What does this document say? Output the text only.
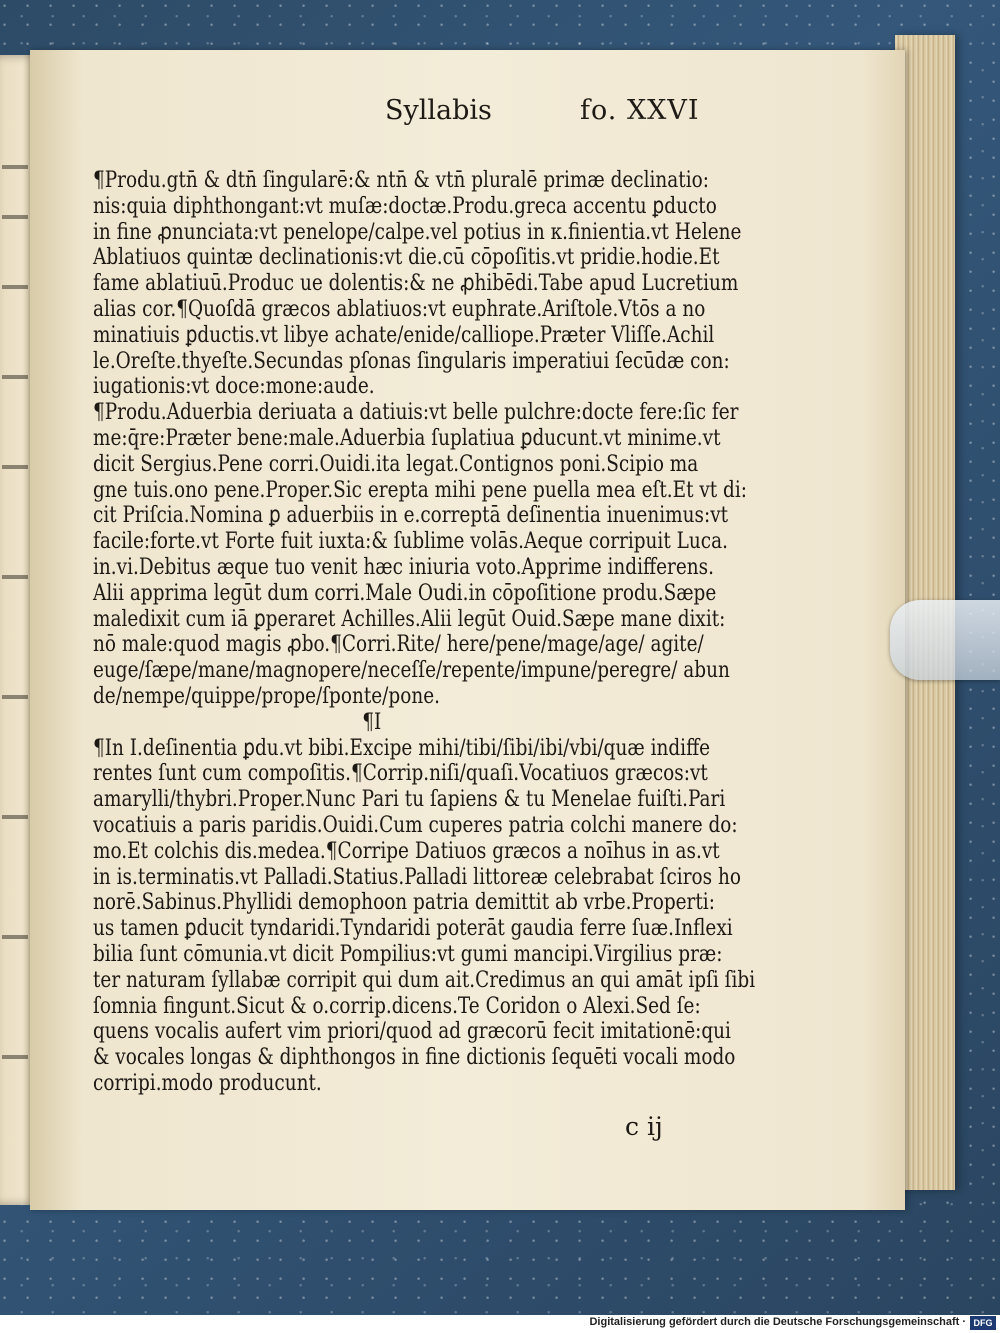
Syllabis	fo. XXVI
¶Produ.gtn̄ & dtn̄ ſingularē:& ntn̄ & vtn̄ pluralē primæ declinatio:
nis:quia diphthongant:vt muſæ:doctæ.Produ.greca accentu ꝑducto
in fine ꝓnunciata:vt penelope/calpe.vel potius in κ.finientia.vt Helene
Ablatiuos quintæ declinationis:vt die.cū cōpoſitis.vt pridie.hodie.Et
fame ablatiuū.Produc ue dolentis:& ne ꝓhibēdi.Tabe apud Lucretium
alias cor.¶Quoſdā græcos ablatiuos:vt euphrate.Ariſtole.Vtōs a no
minatiuis ꝑductis.vt libye achate/enide/calliope.Præter Vliſſe.Achil
le.Oreſte.thyeſte.Secundas pſonas ſingularis imperatiui ſecūdæ con:
iugationis:vt doce:mone:aude.
¶Produ.Aduerbia deriuata a datiuis:vt belle pulchre:docte fere:ſic fer
me:q̄re:Præter bene:male.Aduerbia ſuplatiua ꝑducunt.vt minime.vt
dicit Sergius.Pene corri.Ouidi.ita legat.Contignos poni.Scipio ma
gne tuis.ono pene.Proper.Sic erepta mihi pene puella mea eſt.Et vt di:
cit Priſcia.Nomina ꝑ aduerbiis in e.correptā deſinentia inuenimus:vt
facile:forte.vt Forte fuit iuxta:& ſublime volās.Aeque corripuit Luca.
in.vi.Debitus æque tuo venit hæc iniuria voto.Apprime indifferens.
Alii apprima legūt dum corri.Male Oudi.in cōpoſitione produ.Sæpe
maledixit cum iā ꝑperaret Achilles.Alii legūt Ouid.Sæpe mane dixit:
nō male:quod magis ꝓbo.¶Corri.Rite/ here/pene/mage/age/ agite/
euge/ſæpe/mane/magnopere/neceſſe/repente/impune/peregre/ abun
de/nempe/quippe/prope/ſponte/pone.
¶I
¶In I.deſinentia ꝑdu.vt bibi.Excipe mihi/tibi/ſibi/ibi/vbi/quæ indiffe
rentes ſunt cum compoſitis.¶Corrip.niſi/quaſi.Vocatiuos græcos:vt
amarylli/thybri.Proper.Nunc Pari tu ſapiens & tu Menelae fuiſti.Pari
vocatiuis a paris paridis.Ouidi.Cum cuperes patria colchi manere do:
mo.Et colchis dis.medea.¶Corripe Datiuos græcos a noīhus in as.vt
in is.terminatis.vt Palladi.Statius.Palladi littoreæ celebrabat ſciros ho
norē.Sabinus.Phyllidi demophoon patria demittit ab vrbe.Properti:
us tamen ꝑducit tyndaridi.Tyndaridi poterāt gaudia ferre ſuæ.Inflexi
bilia ſunt cōmunia.vt dicit Pompilius:vt gumi mancipi.Virgilius præ:
ter naturam ſyllabæ corripit qui dum ait.Credimus an qui amāt ipſi ſibi
ſomnia fingunt.Sicut & o.corrip.dicens.Te Coridon o Alexi.Sed ſe:
quens vocalis aufert vim priori/quod ad græcorū fecit imitationē:qui
& vocales longas & diphthongos in fine dictionis ſequēti vocali modo
corripi.modo producunt.
c ij
Digitalisierung gefördert durch die Deutsche Forschungsgemeinschaft · DFG
